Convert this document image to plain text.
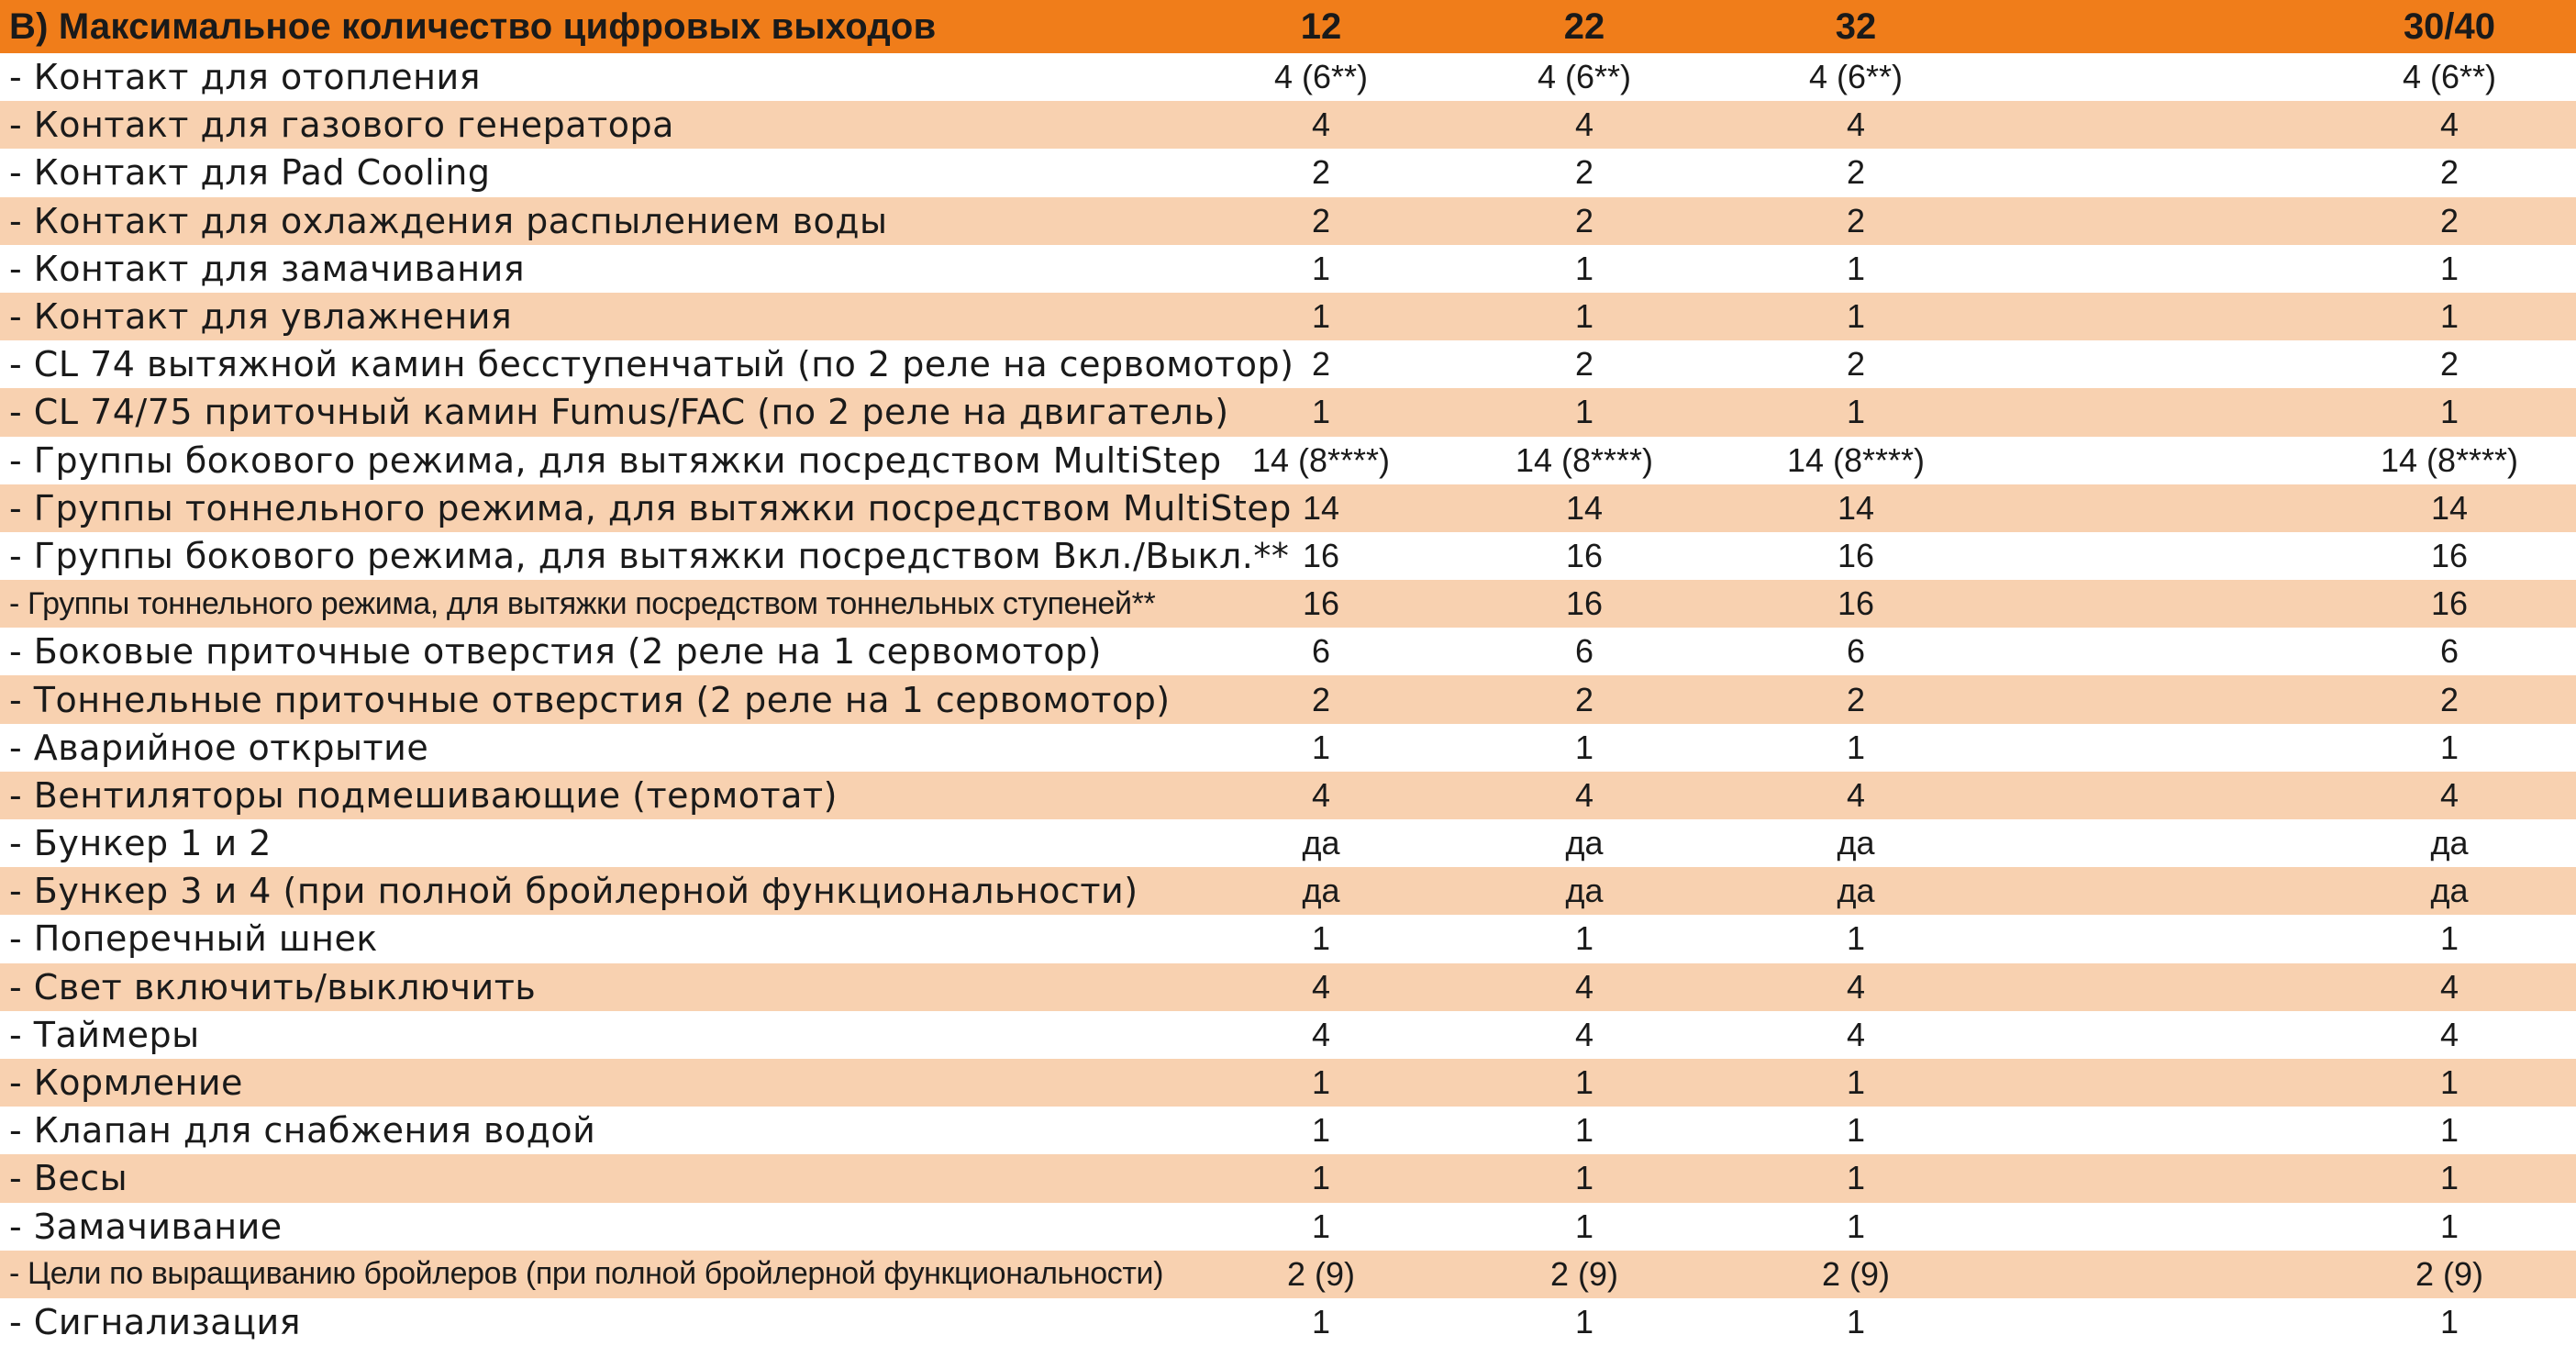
B) Максимальное количество цифровых выходов	12	22	32	30/40
- Контакт для отопления	4 (6**)	4 (6**)	4 (6**)	4 (6**)
- Контакт для газового генератора	4	4	4	4
- Контакт для Pad Cooling	2	2	2	2
- Контакт для охлаждения распылением воды	2	2	2	2
- Контакт для замачивания	1	1	1	1
- Контакт для увлажнения	1	1	1	1
- CL 74 вытяжной камин бесступенчатый (по 2 реле на сервомотор) 2	2	2	2
- CL 74/75 приточный камин Fumus/FAC (по 2 реле на двигатель)	1	1	1	1
- Группы бокового режима, для вытяжки посредством MultiStep 14 (8****)	14 (8****)	14 (8****)	14 (8****)
- Группы тоннельного режима, для вытяжки посредством MultiStep 14	14	14	14
- Группы бокового режима, для вытяжки посредством Вкл./Выкл.** 16	16	16	16
- Группы тоннельного режима, для вытяжки посредством тоннельных ступеней**	16	16	16	16
- Боковые приточные отверстия (2 реле на 1 сервомотор)	6	6	6	6
- Тоннельные приточные отверстия (2 реле на 1 сервомотор)	2	2	2	2
- Аварийное открытие	1	1	1	1
- Вентиляторы подмешивающие (термотат)	4	4	4	4
- Бункер 1 и 2	да	да	да	да
- Бункер 3 и 4 (при полной бройлерной функциональности)	да	да	да	да
- Поперечный шнек	1	1	1	1
- Свет включить/выключить	4	4	4	4
- Таймеры	4	4	4	4
- Кормление	1	1	1	1
- Клапан для снабжения водой	1	1	1	1
- Весы	1	1	1	1
- Замачивание	1	1	1	1
- Цели по выращиванию бройлеров (при полной бройлерной функциональности)	2 (9)	2 (9)	2 (9)	2 (9)
- Сигнализация	1	1	1	1
